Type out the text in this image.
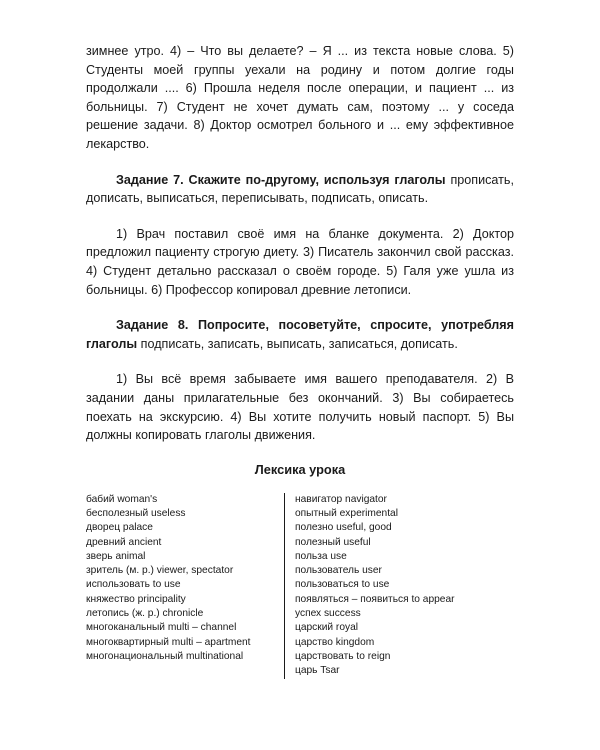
зимнее утро. 4) – Что вы делаете? – Я ... из текста новые слова. 5) Студенты моей группы уехали на родину и потом долгие годы продолжали .... 6) Прошла неделя после операции, и пациент ... из больницы. 7) Студент не хочет думать сам, поэтому ... у соседа решение задачи. 8) Доктор осмотрел больного и ... ему эффективное лекарство.

Задание 7. Скажите по-другому, используя глаголы прописать, дописать, выписаться, переписывать, подписать, описать.

1) Врач поставил своё имя на бланке документа. 2) Доктор предложил пациенту строгую диету. 3) Писатель закончил свой рассказ. 4) Студент детально рассказал о своём городе. 5) Галя уже ушла из больницы. 6) Профессор копировал древние летописи.

Задание 8. Попросите, посоветуйте, спросите, употребляя глаголы подписать, записать, выписать, записаться, дописать.

1) Вы всё время забываете имя вашего преподавателя. 2) В задании даны прилагательные без окончаний. 3) Вы собираетесь поехать на экскурсию. 4) Вы хотите получить новый паспорт. 5) Вы должны копировать глаголы движения.

Лексика урока
бабий woman's
бесполезный useless
дворец palace
древний ancient
зверь animal
зритель (м. р.) viewer, spectator
использовать to use
княжество principality
летопись (ж. р.) chronicle
многоканальный multi – channel
многоквартирный multi – apartment
многонациональный multinational
навигатор navigator
опытный experimental
полезно useful, good
полезный useful
польза use
пользователь user
пользоваться to use
появляться – появиться to appear
успех success
царский royal
царство kingdom
царствовать to reign
царь Tsar
